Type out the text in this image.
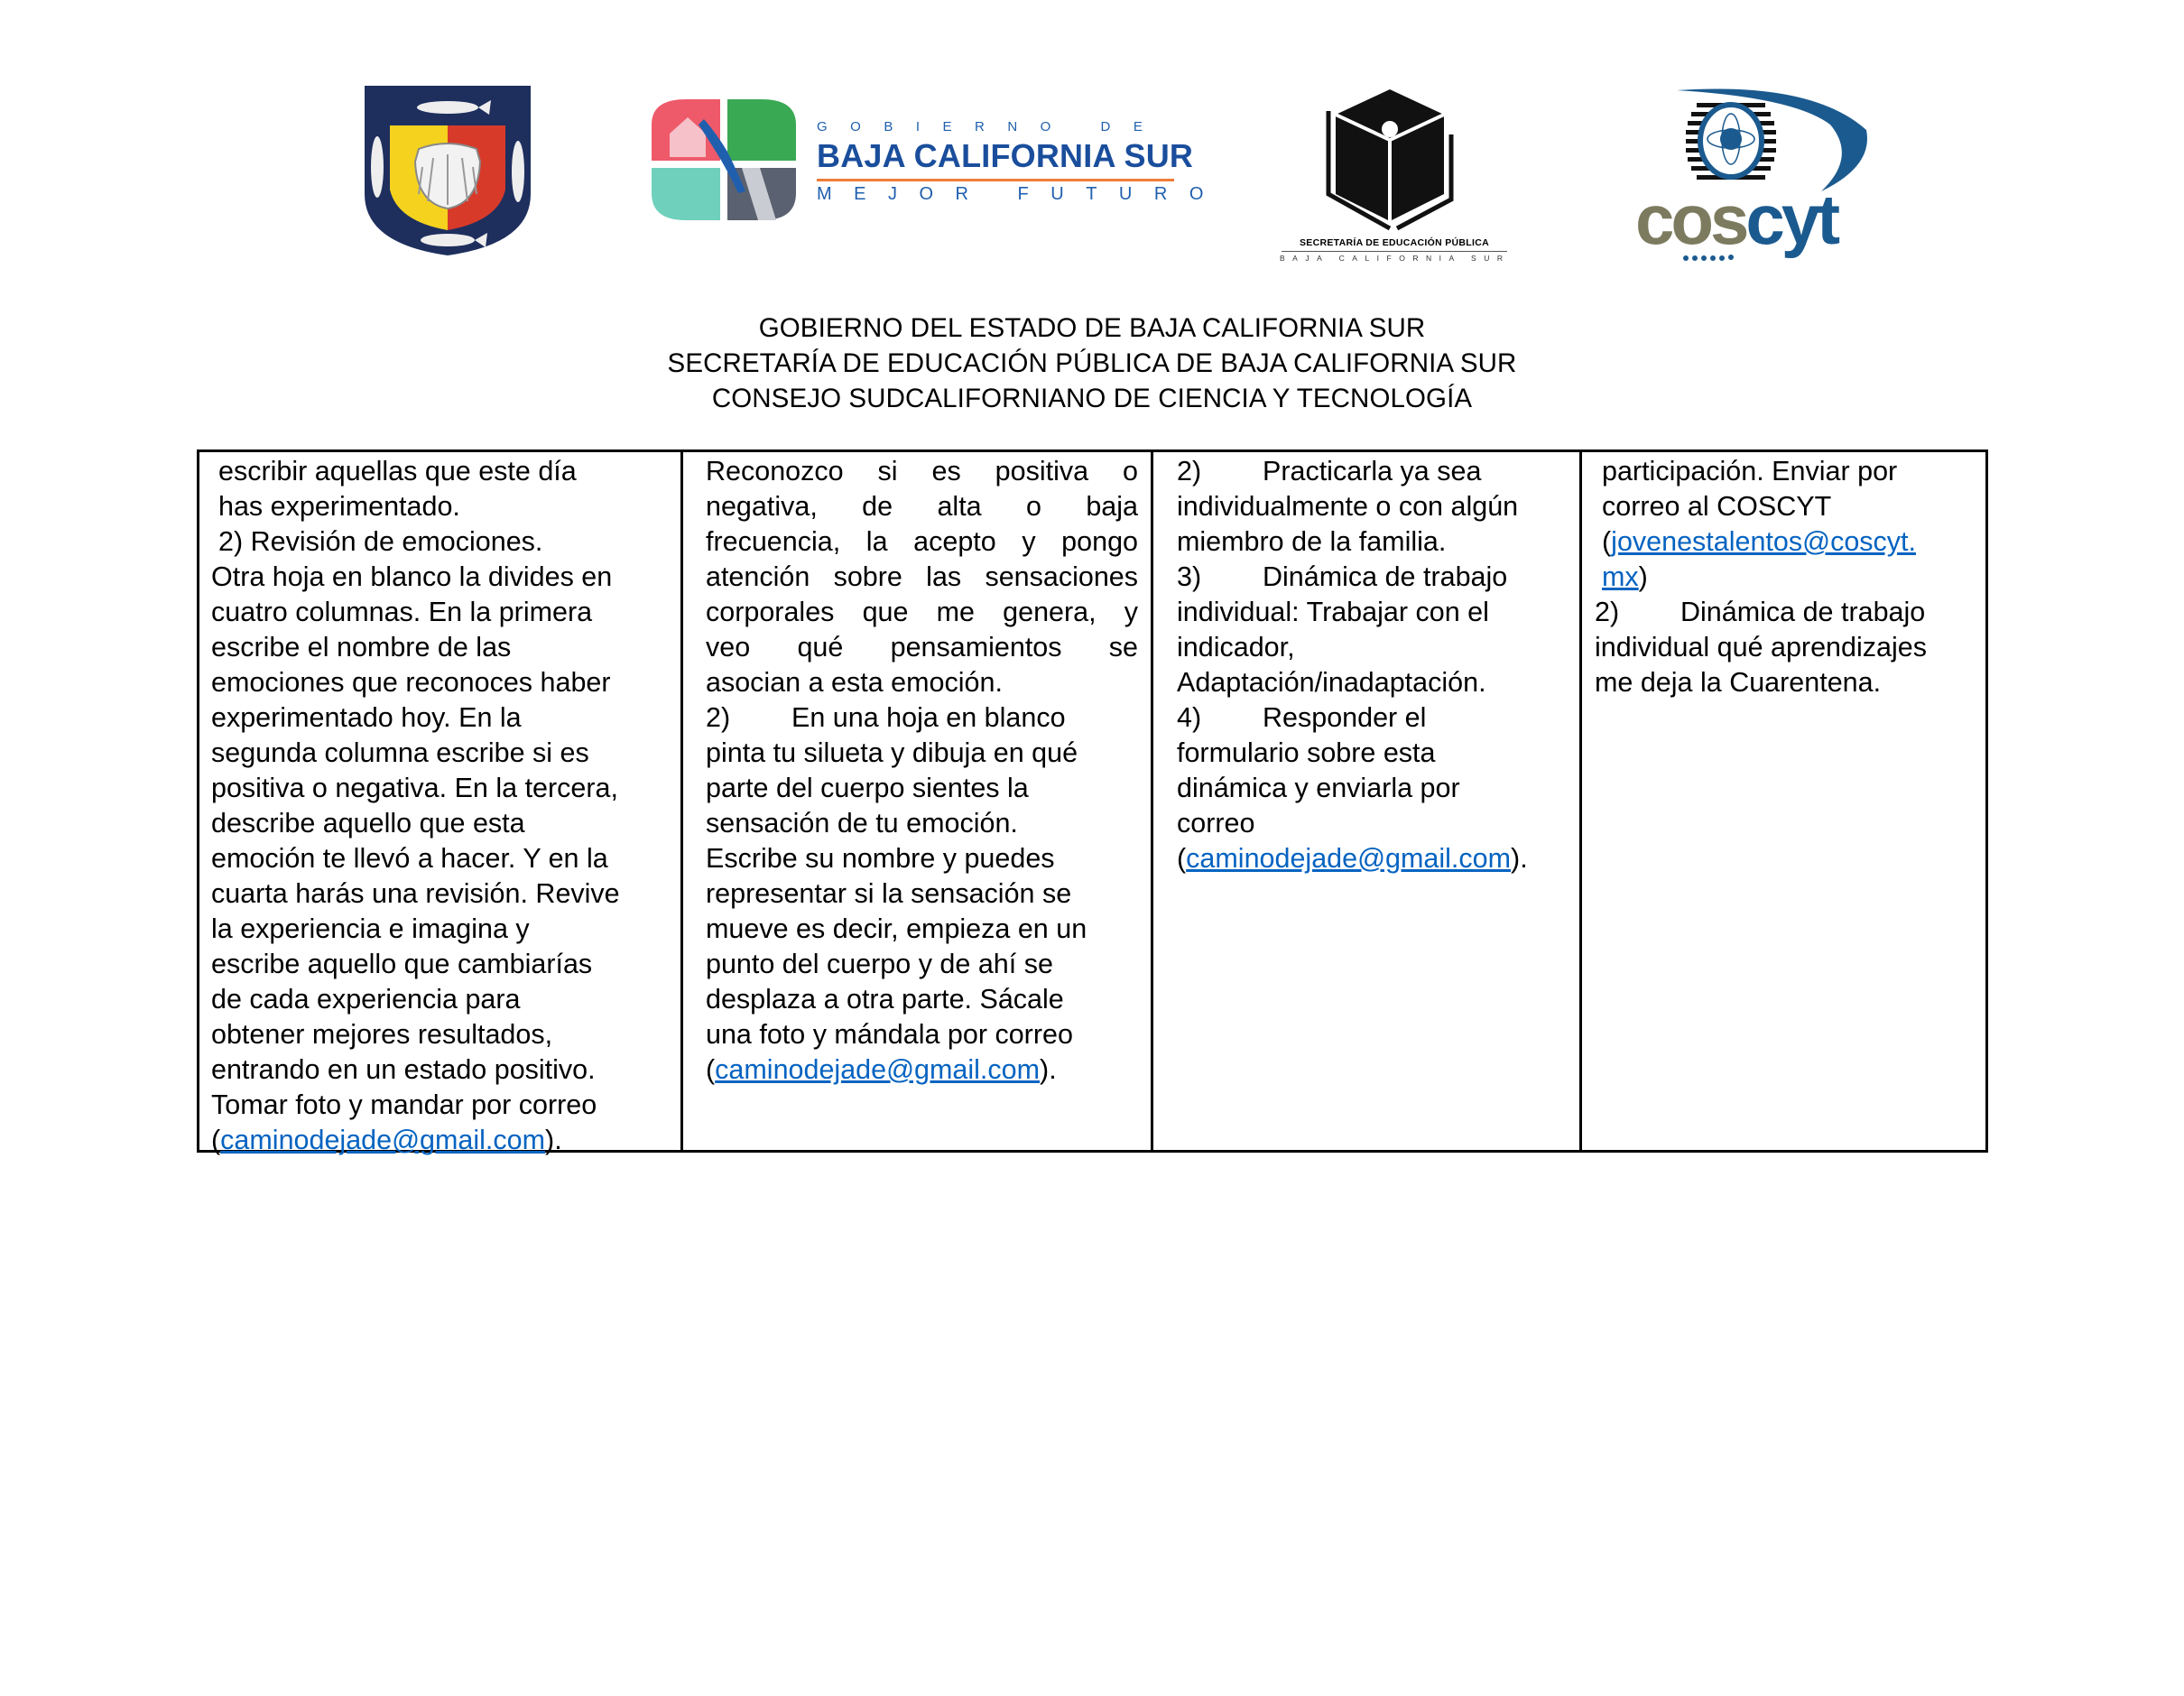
GOBIERNO DE
BAJA CALIFORNIA SUR
MEJOR FUTURO
SECRETARÍA DE EDUCACIÓN PÚBLICA
BAJA CALIFORNIA SUR coscyt
GOBIERNO DEL ESTADO DE BAJA CALIFORNIA SUR
SECRETARÍA DE EDUCACIÓN PÚBLICA DE BAJA CALIFORNIA SUR
CONSEJO SUDCALIFORNIANO DE CIENCIA Y TECNOLOGÍA
escribir aquellas que este día
has experimentado.
2) Revisión de emociones.
Otra hoja en blanco la divides en
cuatro columnas. En la primera
escribe el nombre de las
emociones que reconoces haber
experimentado hoy. En la
segunda columna escribe si es
positiva o negativa. En la tercera,
describe aquello que esta
emoción te llevó a hacer. Y en la
cuarta harás una revisión. Revive
la experiencia e imagina y
escribe aquello que cambiarías
de cada experiencia para
obtener mejores resultados,
entrando en un estado positivo.
Tomar foto y mandar por correo
(caminodejade@gmail.com).
Reconozco si es positiva o
negativa, de alta o baja
frecuencia, la acepto y pongo
atención sobre las sensaciones
corporales que me genera, y
veo qué pensamientos se
asocian a esta emoción.
2) En una hoja en blanco
pinta tu silueta y dibuja en qué
parte del cuerpo sientes la
sensación de tu emoción.
Escribe su nombre y puedes
representar si la sensación se
mueve es decir, empieza en un
punto del cuerpo y de ahí se
desplaza a otra parte. Sácale
una foto y mándala por correo
(caminodejade@gmail.com).
2) Practicarla ya sea
individualmente o con algún
miembro de la familia.
3) Dinámica de trabajo
individual: Trabajar con el
indicador,
Adaptación/inadaptación.
4) Responder el
formulario sobre esta
dinámica y enviarla por
correo
(caminodejade@gmail.com).
participación. Enviar por
correo al COSCYT
(jovenestalentos@coscyt.
mx)
2) Dinámica de trabajo
individual qué aprendizajes
me deja la Cuarentena.
